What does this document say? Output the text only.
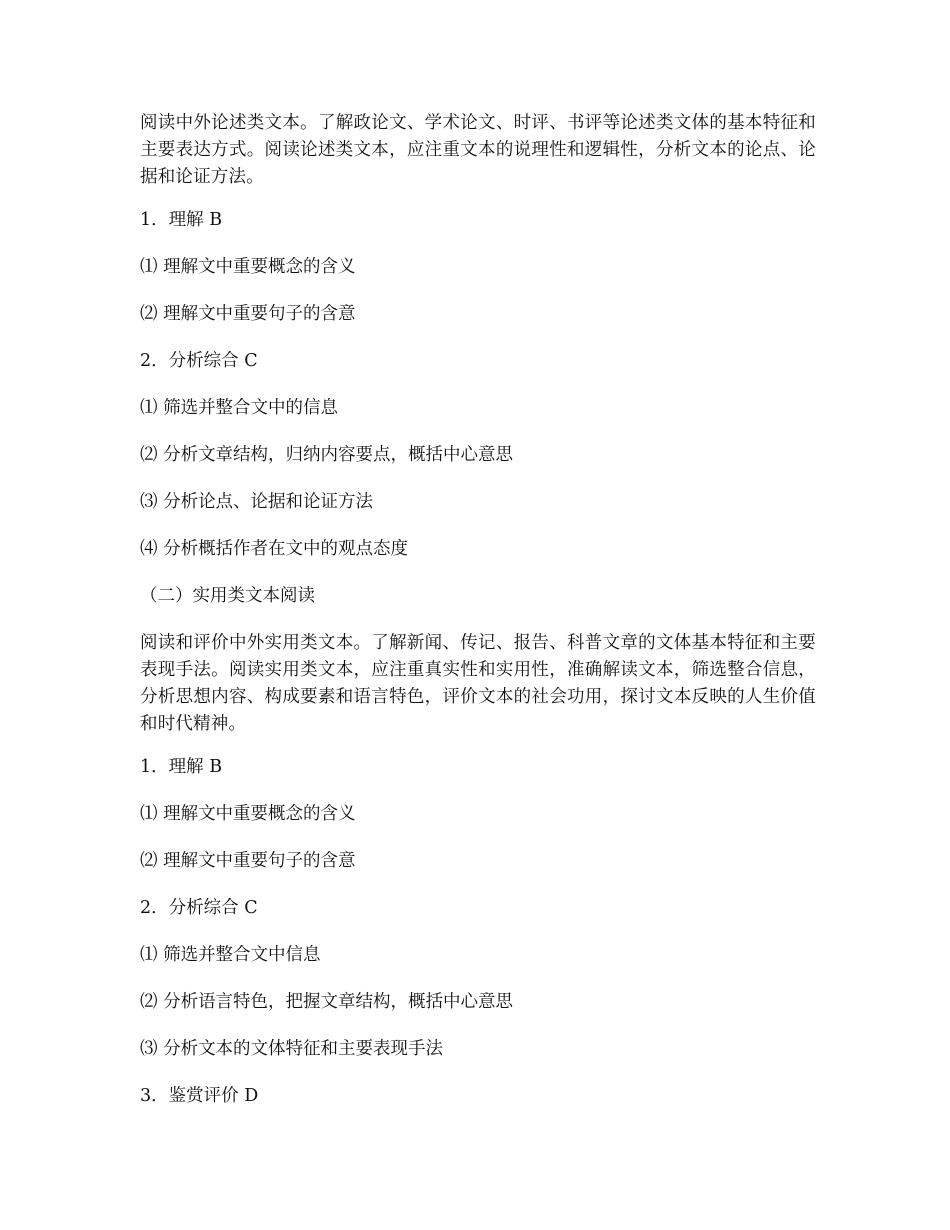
阅读中外论述类文本。了解政论文、学术论文、时评、书评等论述类文体的基本特征和主要表达方式。阅读论述类文本，应注重文本的说理性和逻辑性，分析文本的论点、论据和论证方法。

1．理解 B

⑴ 理解文中重要概念的含义

⑵ 理解文中重要句子的含意

2．分析综合 C

⑴ 筛选并整合文中的信息

⑵ 分析文章结构，归纳内容要点，概括中心意思

⑶ 分析论点、论据和论证方法

⑷ 分析概括作者在文中的观点态度

（二）实用类文本阅读

阅读和评价中外实用类文本。了解新闻、传记、报告、科普文章的文体基本特征和主要表现手法。阅读实用类文本，应注重真实性和实用性，准确解读文本，筛选整合信息，分析思想内容、构成要素和语言特色，评价文本的社会功用，探讨文本反映的人生价值和时代精神。

1．理解 B

⑴ 理解文中重要概念的含义

⑵ 理解文中重要句子的含意

2．分析综合 C

⑴ 筛选并整合文中信息

⑵ 分析语言特色，把握文章结构，概括中心意思

⑶ 分析文本的文体特征和主要表现手法

3．鉴赏评价 D
